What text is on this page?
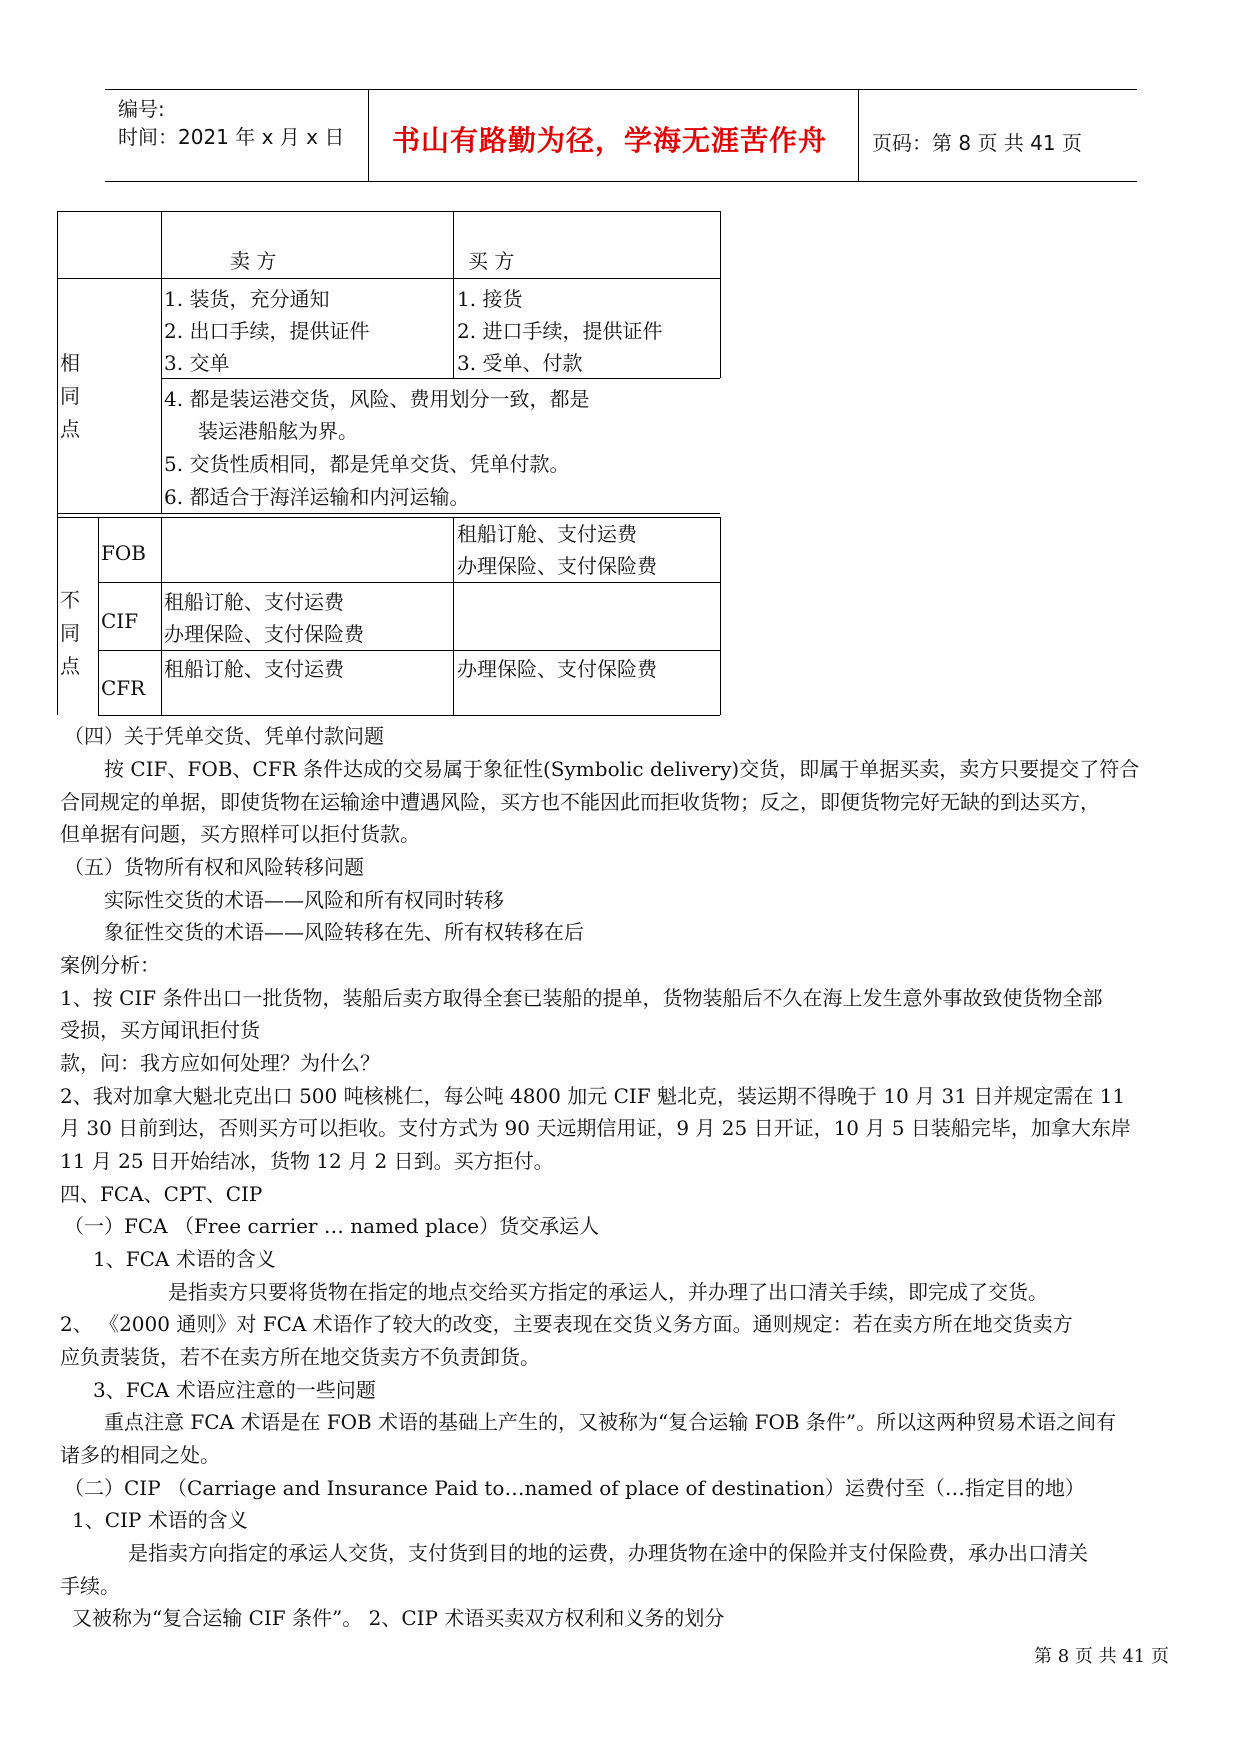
编号:
时间：2021 年 x 月 x 日 书山有路勤为径，学海无涯苦作舟 页码：第 8 页 共 41 页
卖 方	买 方
相
同
点
1. 装货，充分通知
2. 出口手续，提供证件
3. 交单
1. 接货
2. 进口手续，提供证件
3. 受单、付款
4. 都是装运港交货，风险、费用划分一致，都是
装运港船舷为界。
5. 交货性质相同，都是凭单交货、凭单付款。
6. 都适合于海洋运输和内河运输。
不
同
点
FOB
租船订舱、支付运费
办理保险、支付保险费
CIF
租船订舱、支付运费
办理保险、支付保险费
CFR
租船订舱、支付运费	办理保险、支付保险费
（四）关于凭单交货、凭单付款问题
按 CIF、FOB、CFR 条件达成的交易属于象征性(Symbolic delivery)交货，即属于单据买卖，卖方只要提交了符合
合同规定的单据，即使货物在运输途中遭遇风险，买方也不能因此而拒收货物；反之，即便货物完好无缺的到达买方，
但单据有问题，买方照样可以拒付货款。
（五）货物所有权和风险转移问题
实际性交货的术语——风险和所有权同时转移
象征性交货的术语——风险转移在先、所有权转移在后
案例分析：
1、按 CIF 条件出口一批货物，装船后卖方取得全套已装船的提单，货物装船后不久在海上发生意外事故致使货物全部
受损，买方闻讯拒付货
款，问：我方应如何处理？为什么？
2、我对加拿大魁北克出口 500 吨核桃仁，每公吨 4800 加元 CIF 魁北克，装运期不得晚于 10 月 31 日并规定需在 11
月 30 日前到达，否则买方可以拒收。支付方式为 90 天远期信用证，9 月 25 日开证，10 月 5 日装船完毕，加拿大东岸
11 月 25 日开始结冰，货物 12 月 2 日到。买方拒付。
四、FCA、CPT、CIP
（一）FCA （Free carrier … named place）货交承运人
1、FCA 术语的含义
是指卖方只要将货物在指定的地点交给买方指定的承运人，并办理了出口清关手续，即完成了交货。
2、 《2000 通则》对 FCA 术语作了较大的改变，主要表现在交货义务方面。通则规定：若在卖方所在地交货卖方
应负责装货，若不在卖方所在地交货卖方不负责卸货。
3、FCA 术语应注意的一些问题
重点注意 FCA 术语是在 FOB 术语的基础上产生的，又被称为“复合运输 FOB 条件”。所以这两种贸易术语之间有
诸多的相同之处。
（二）CIP （Carriage and Insurance Paid to…named of place of destination）运费付至（…指定目的地）
1、CIP 术语的含义
是指卖方向指定的承运人交货，支付货到目的地的运费，办理货物在途中的保险并支付保险费，承办出口清关
手续。
又被称为“复合运输 CIF 条件”。 2、CIP 术语买卖双方权利和义务的划分
第 8 页 共 41 页
